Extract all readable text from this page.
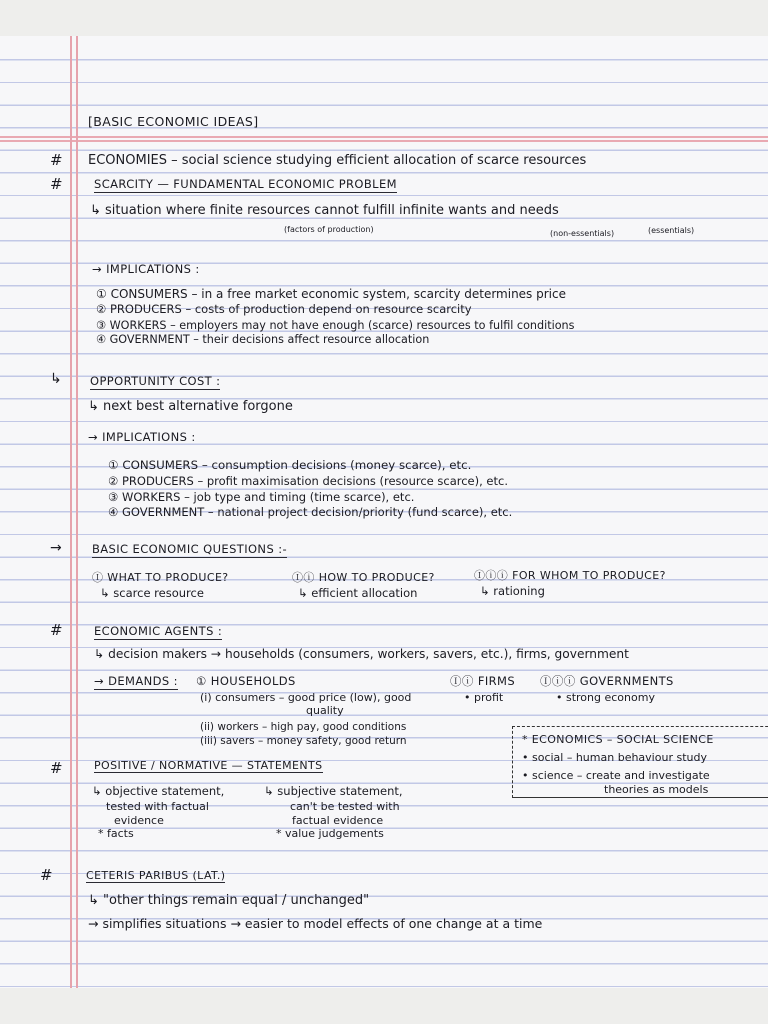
[BASIC ECONOMIC IDEAS]
# ECONOMIES – social science studying efficient allocation of scarce resources
#	SCARCITY — FUNDAMENTAL ECONOMIC PROBLEM
↳ situation where finite resources cannot fulfill infinite wants and needs
(factors of production)	(non-essentials)	(essentials)
→ IMPLICATIONS :
① CONSUMERS – in a free market economic system, scarcity determines price
② PRODUCERS – costs of production depend on resource scarcity
③ WORKERS – employers may not have enough (scarce) resources to fulfil conditions
④ GOVERNMENT – their decisions affect resource allocation
↳ OPPORTUNITY COST :
↳ next best alternative forgone
→ IMPLICATIONS :
① CONSUMERS – consumption decisions (money scarce), etc.
② PRODUCERS – profit maximisation decisions (resource scarce), etc.
③ WORKERS – job type and timing (time scarce), etc.
④ GOVERNMENT – national project decision/priority (fund scarce), etc.
→	BASIC ECONOMIC QUESTIONS :-
Ⓘ WHAT TO PRODUCE?
↳ scarce resource
Ⓘⓘ HOW TO PRODUCE?
↳ efficient allocation
Ⓘⓘⓘ FOR WHOM TO PRODUCE?
↳ rationing
#	ECONOMIC AGENTS :
↳ decision makers → households (consumers, workers, savers, etc.), firms, government
→ DEMANDS : ① HOUSEHOLDS
(i) consumers – good price (low), good
quality
(ii) workers – high pay, good conditions
(iii) savers – money safety, good return
Ⓘⓘ FIRMS
• profit
Ⓘⓘⓘ GOVERNMENTS
• strong economy
* ECONOMICS – SOCIAL SCIENCE
• social – human behaviour study
• science – create and investigate
theories as models
#	POSITIVE / NORMATIVE — STATEMENTS
↳ objective statement,
tested with factual
evidence
* facts
↳ subjective statement,
can't be tested with
factual evidence
* value judgements
#	CETERIS PARIBUS (LAT.)
↳ "other things remain equal / unchanged"
→ simplifies situations → easier to model effects of one change at a time
